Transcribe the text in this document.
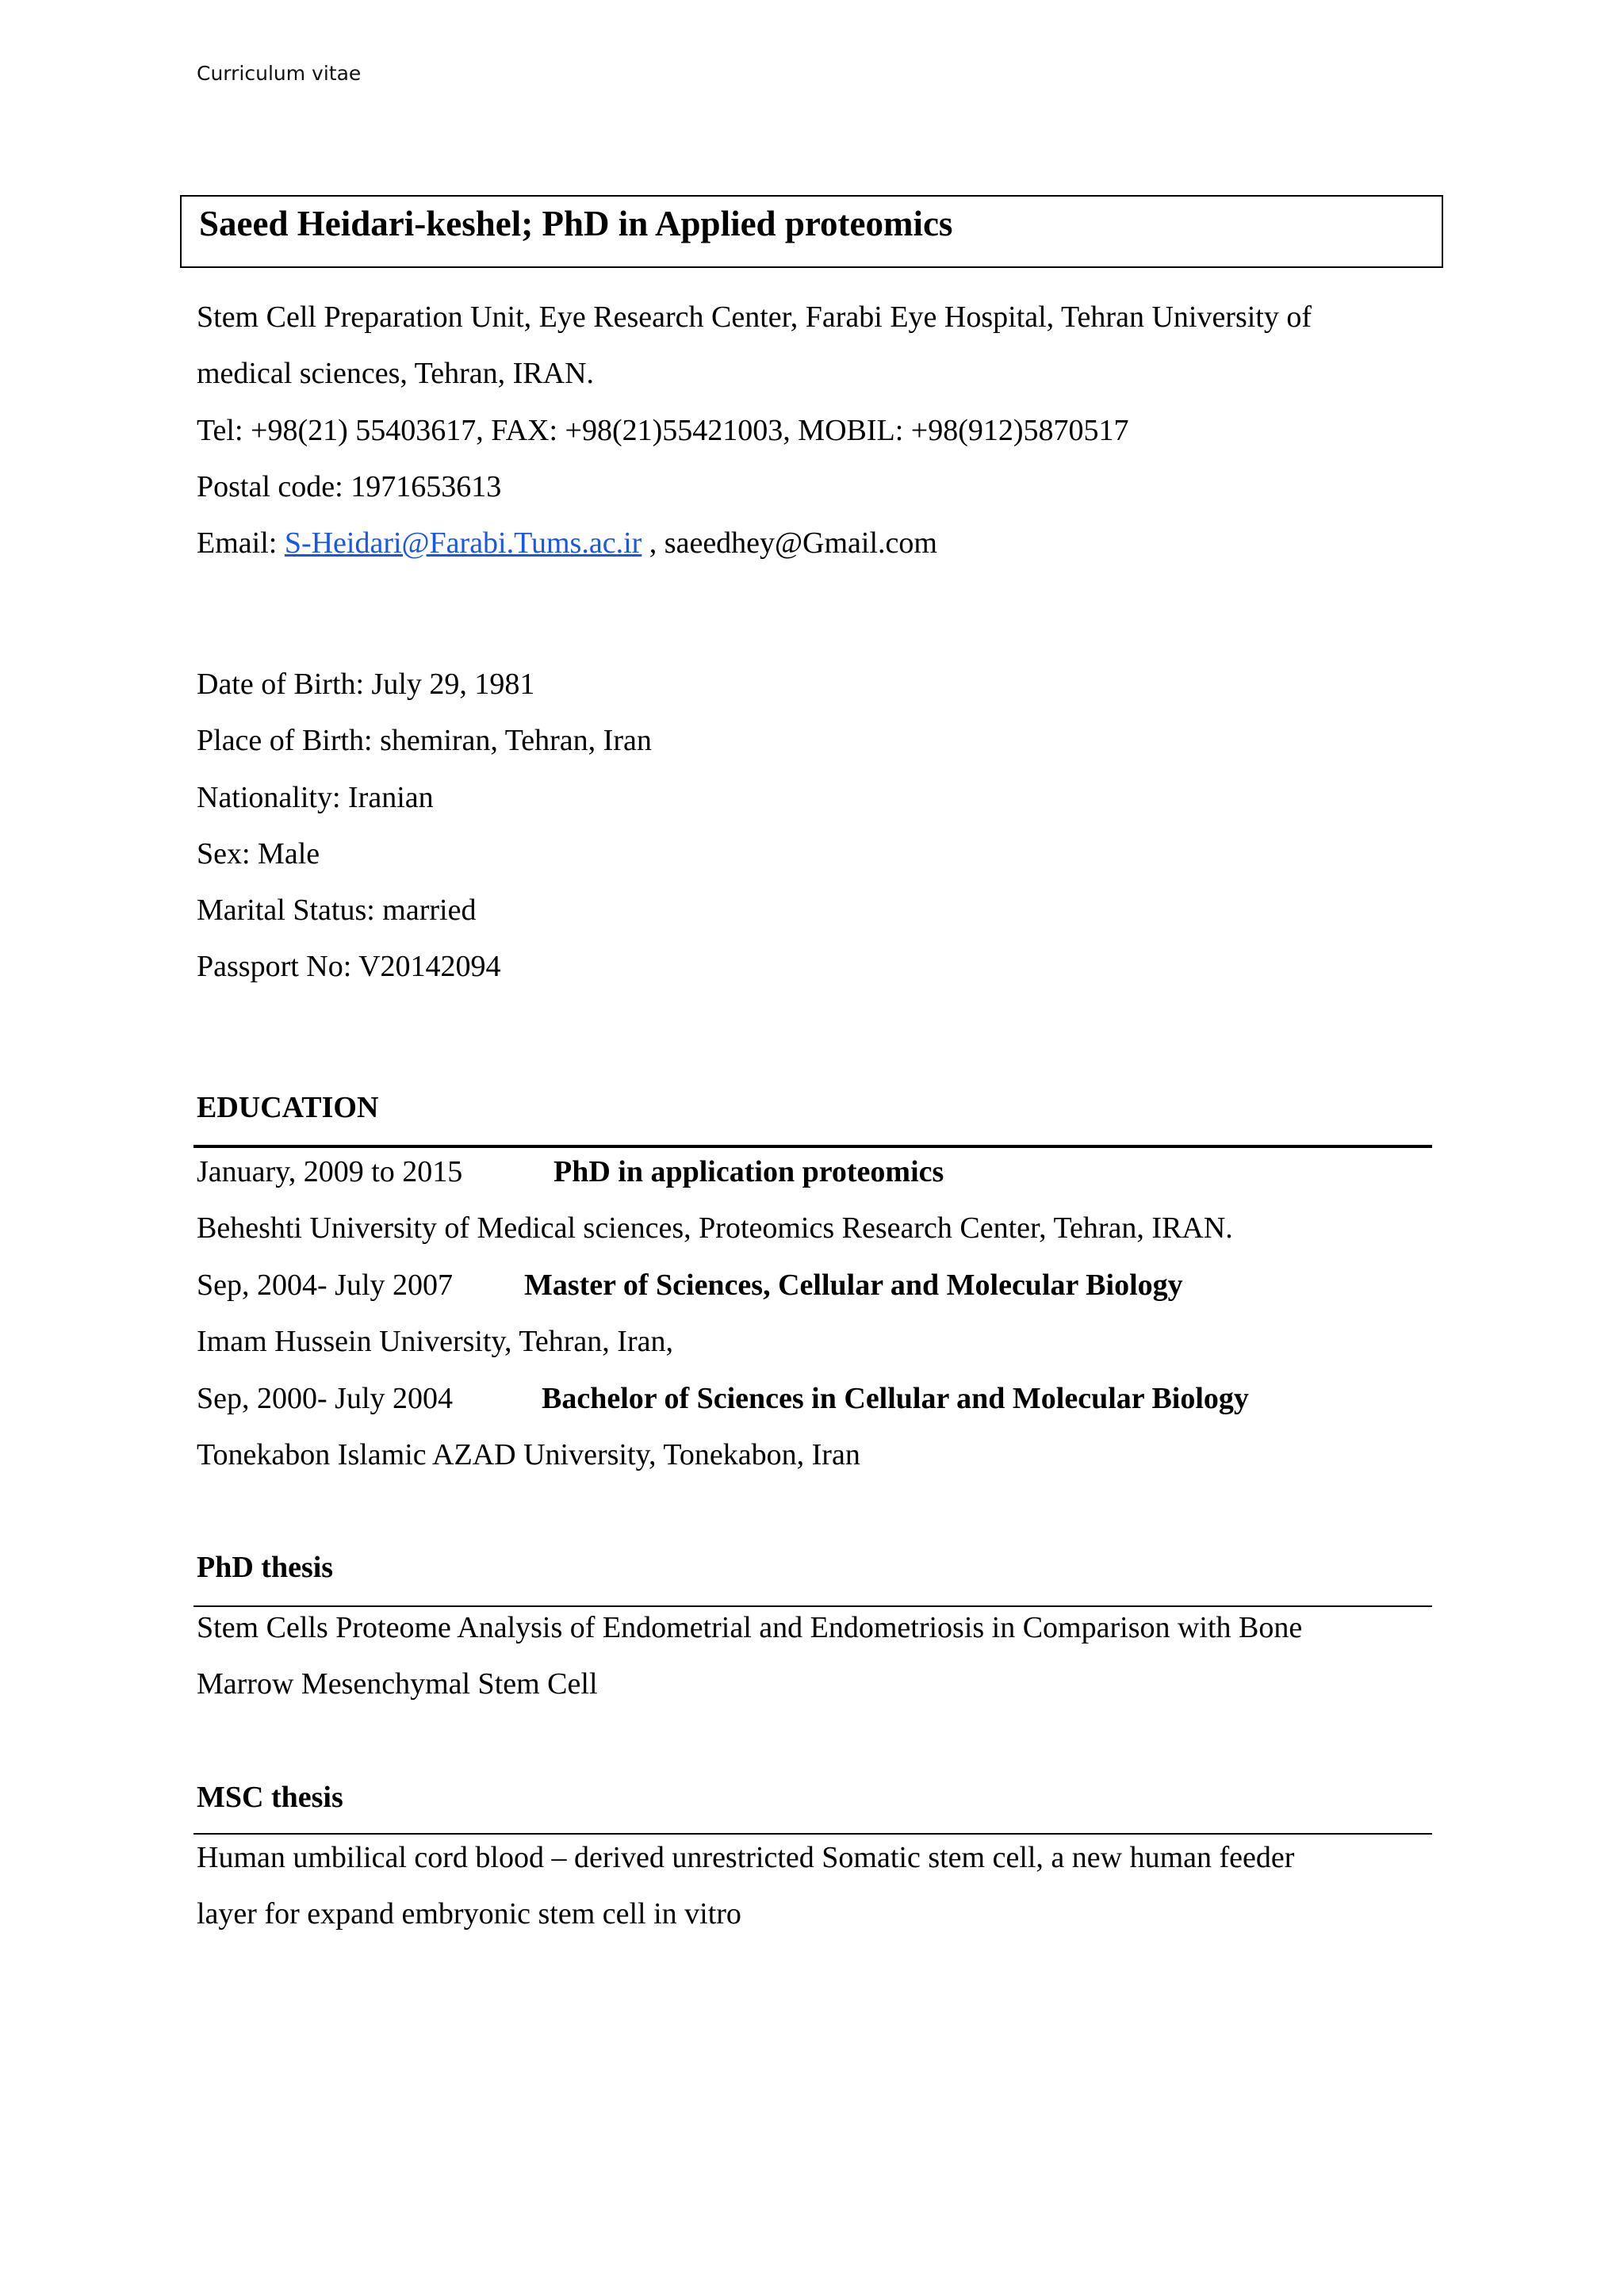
Curriculum vitae
Saeed Heidari-keshel; PhD in Applied proteomics
Stem Cell Preparation Unit, Eye Research Center, Farabi Eye Hospital, Tehran University of
medical sciences, Tehran, IRAN.
Tel: +98(21) 55403617, FAX: +98(21)55421003, MOBIL: +98(912)5870517
Postal code: 1971653613
Email: S-Heidari@Farabi.Tums.ac.ir , saeedhey@Gmail.com
Date of Birth: July 29, 1981
Place of Birth: shemiran, Tehran, Iran
Nationality: Iranian
Sex: Male
Marital Status: married
Passport No: V20142094
EDUCATION
January, 2009 to 2015	PhD in application proteomics
Beheshti University of Medical sciences, Proteomics Research Center, Tehran, IRAN.
Sep, 2004- July 2007 Master of Sciences, Cellular and Molecular Biology
Imam Hussein University, Tehran, Iran,
Sep, 2000- July 2004	Bachelor of Sciences in Cellular and Molecular Biology
Tonekabon Islamic AZAD University, Tonekabon, Iran
PhD thesis
Stem Cells Proteome Analysis of Endometrial and Endometriosis in Comparison with Bone
Marrow Mesenchymal Stem Cell
MSC thesis
Human umbilical cord blood – derived unrestricted Somatic stem cell, a new human feeder
layer for expand embryonic stem cell in vitro
